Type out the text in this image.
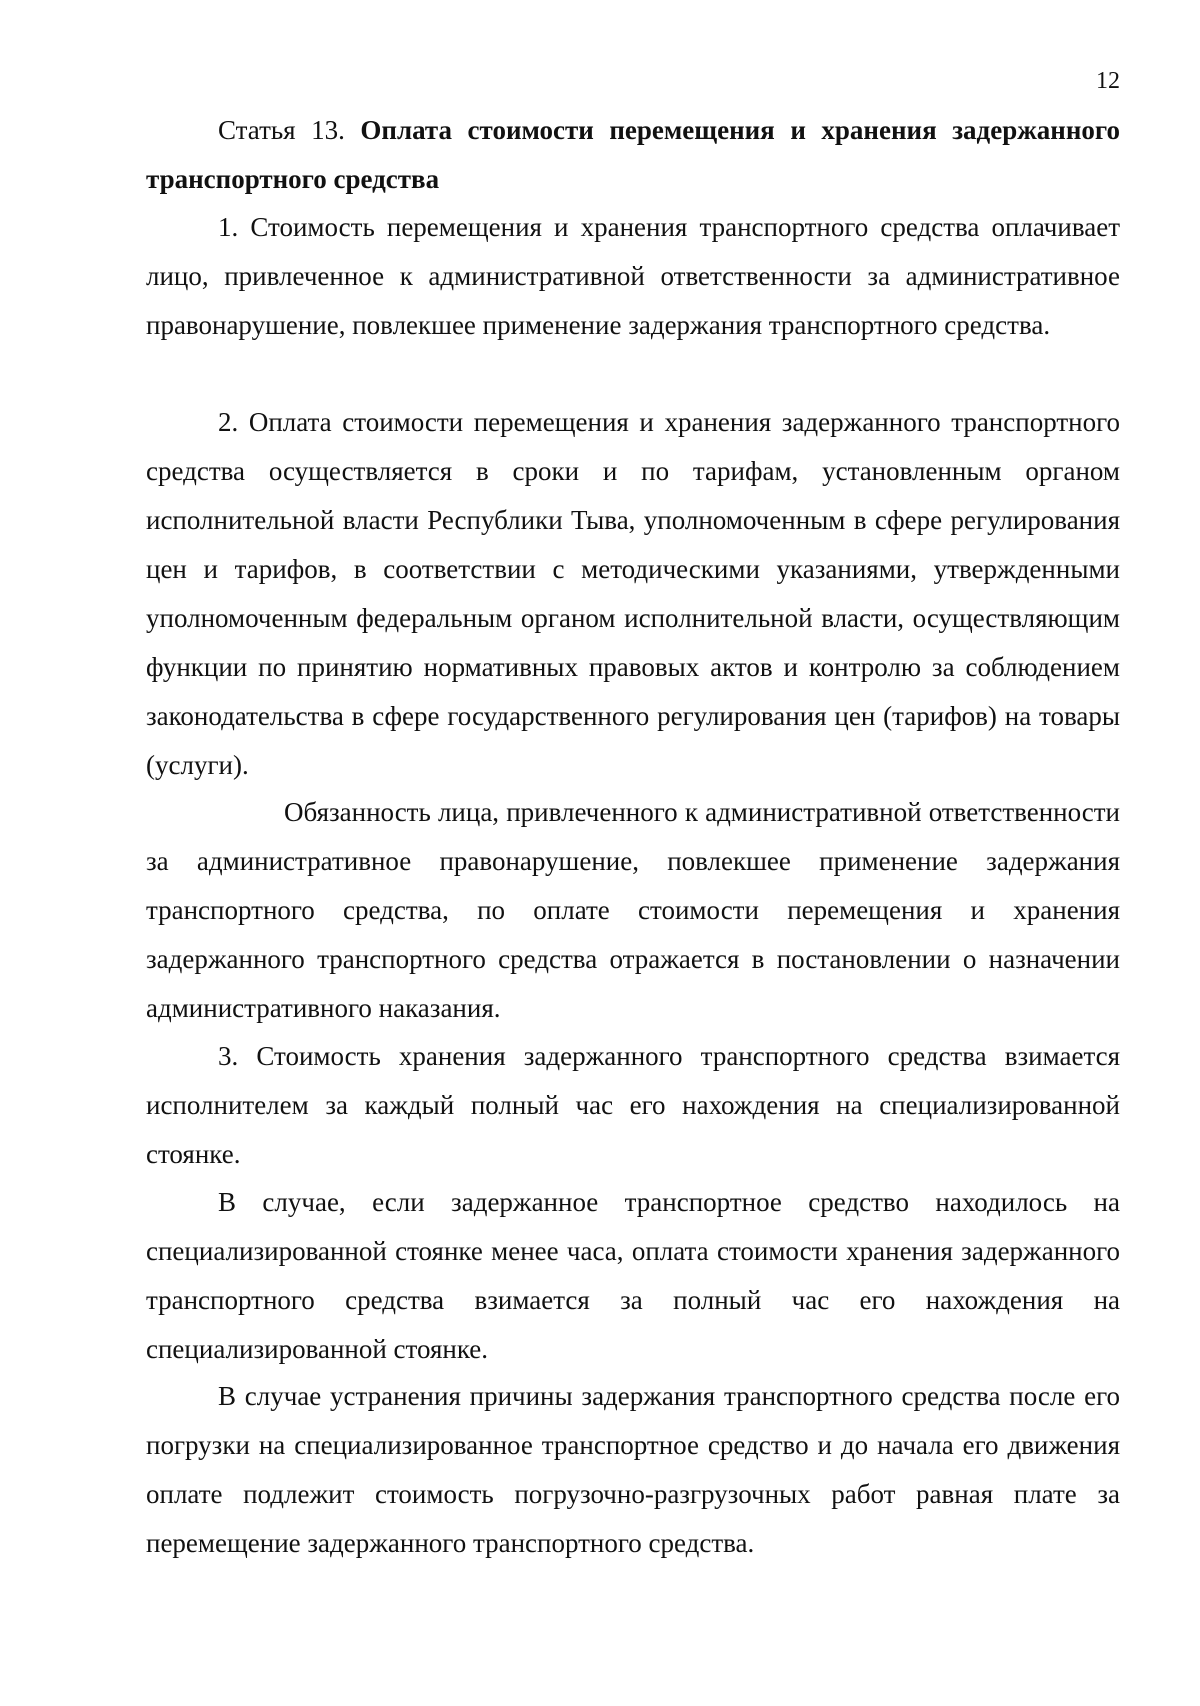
12

Статья 13. Оплата стоимости перемещения и хранения задержанного транспортного средства

1. Стоимость перемещения и хранения транспортного средства оплачивает лицо, привлеченное к административной ответственности за административное правонарушение, повлекшее применение задержания транспортного средства.

2. Оплата стоимости перемещения и хранения задержанного транспортного средства осуществляется в сроки и по тарифам, установленным органом исполнительной власти Республики Тыва, уполномоченным в сфере регулирования цен и тарифов, в соответствии с методическими указаниями, утвержденными уполномоченным федеральным органом исполнительной власти, осуществляющим функции по принятию нормативных правовых актов и контролю за соблюдением законодательства в сфере государственного регулирования цен (тарифов) на товары (услуги).

Обязанность лица, привлеченного к административной ответственности за административное правонарушение, повлекшее применение задержания транспортного средства, по оплате стоимости перемещения и хранения задержанного транспортного средства отражается в постановлении о назначении административного наказания.

3. Стоимость хранения задержанного транспортного средства взимается исполнителем за каждый полный час его нахождения на специализированной стоянке.

В случае, если задержанное транспортное средство находилось на специализированной стоянке менее часа, оплата стоимости хранения задержанного транспортного средства взимается за полный час его нахождения на специализированной стоянке.

В случае устранения причины задержания транспортного средства после его погрузки на специализированное транспортное средство и до начала его движения оплате подлежит стоимость погрузочно-разгрузочных работ равная плате за перемещение задержанного транспортного средства.
